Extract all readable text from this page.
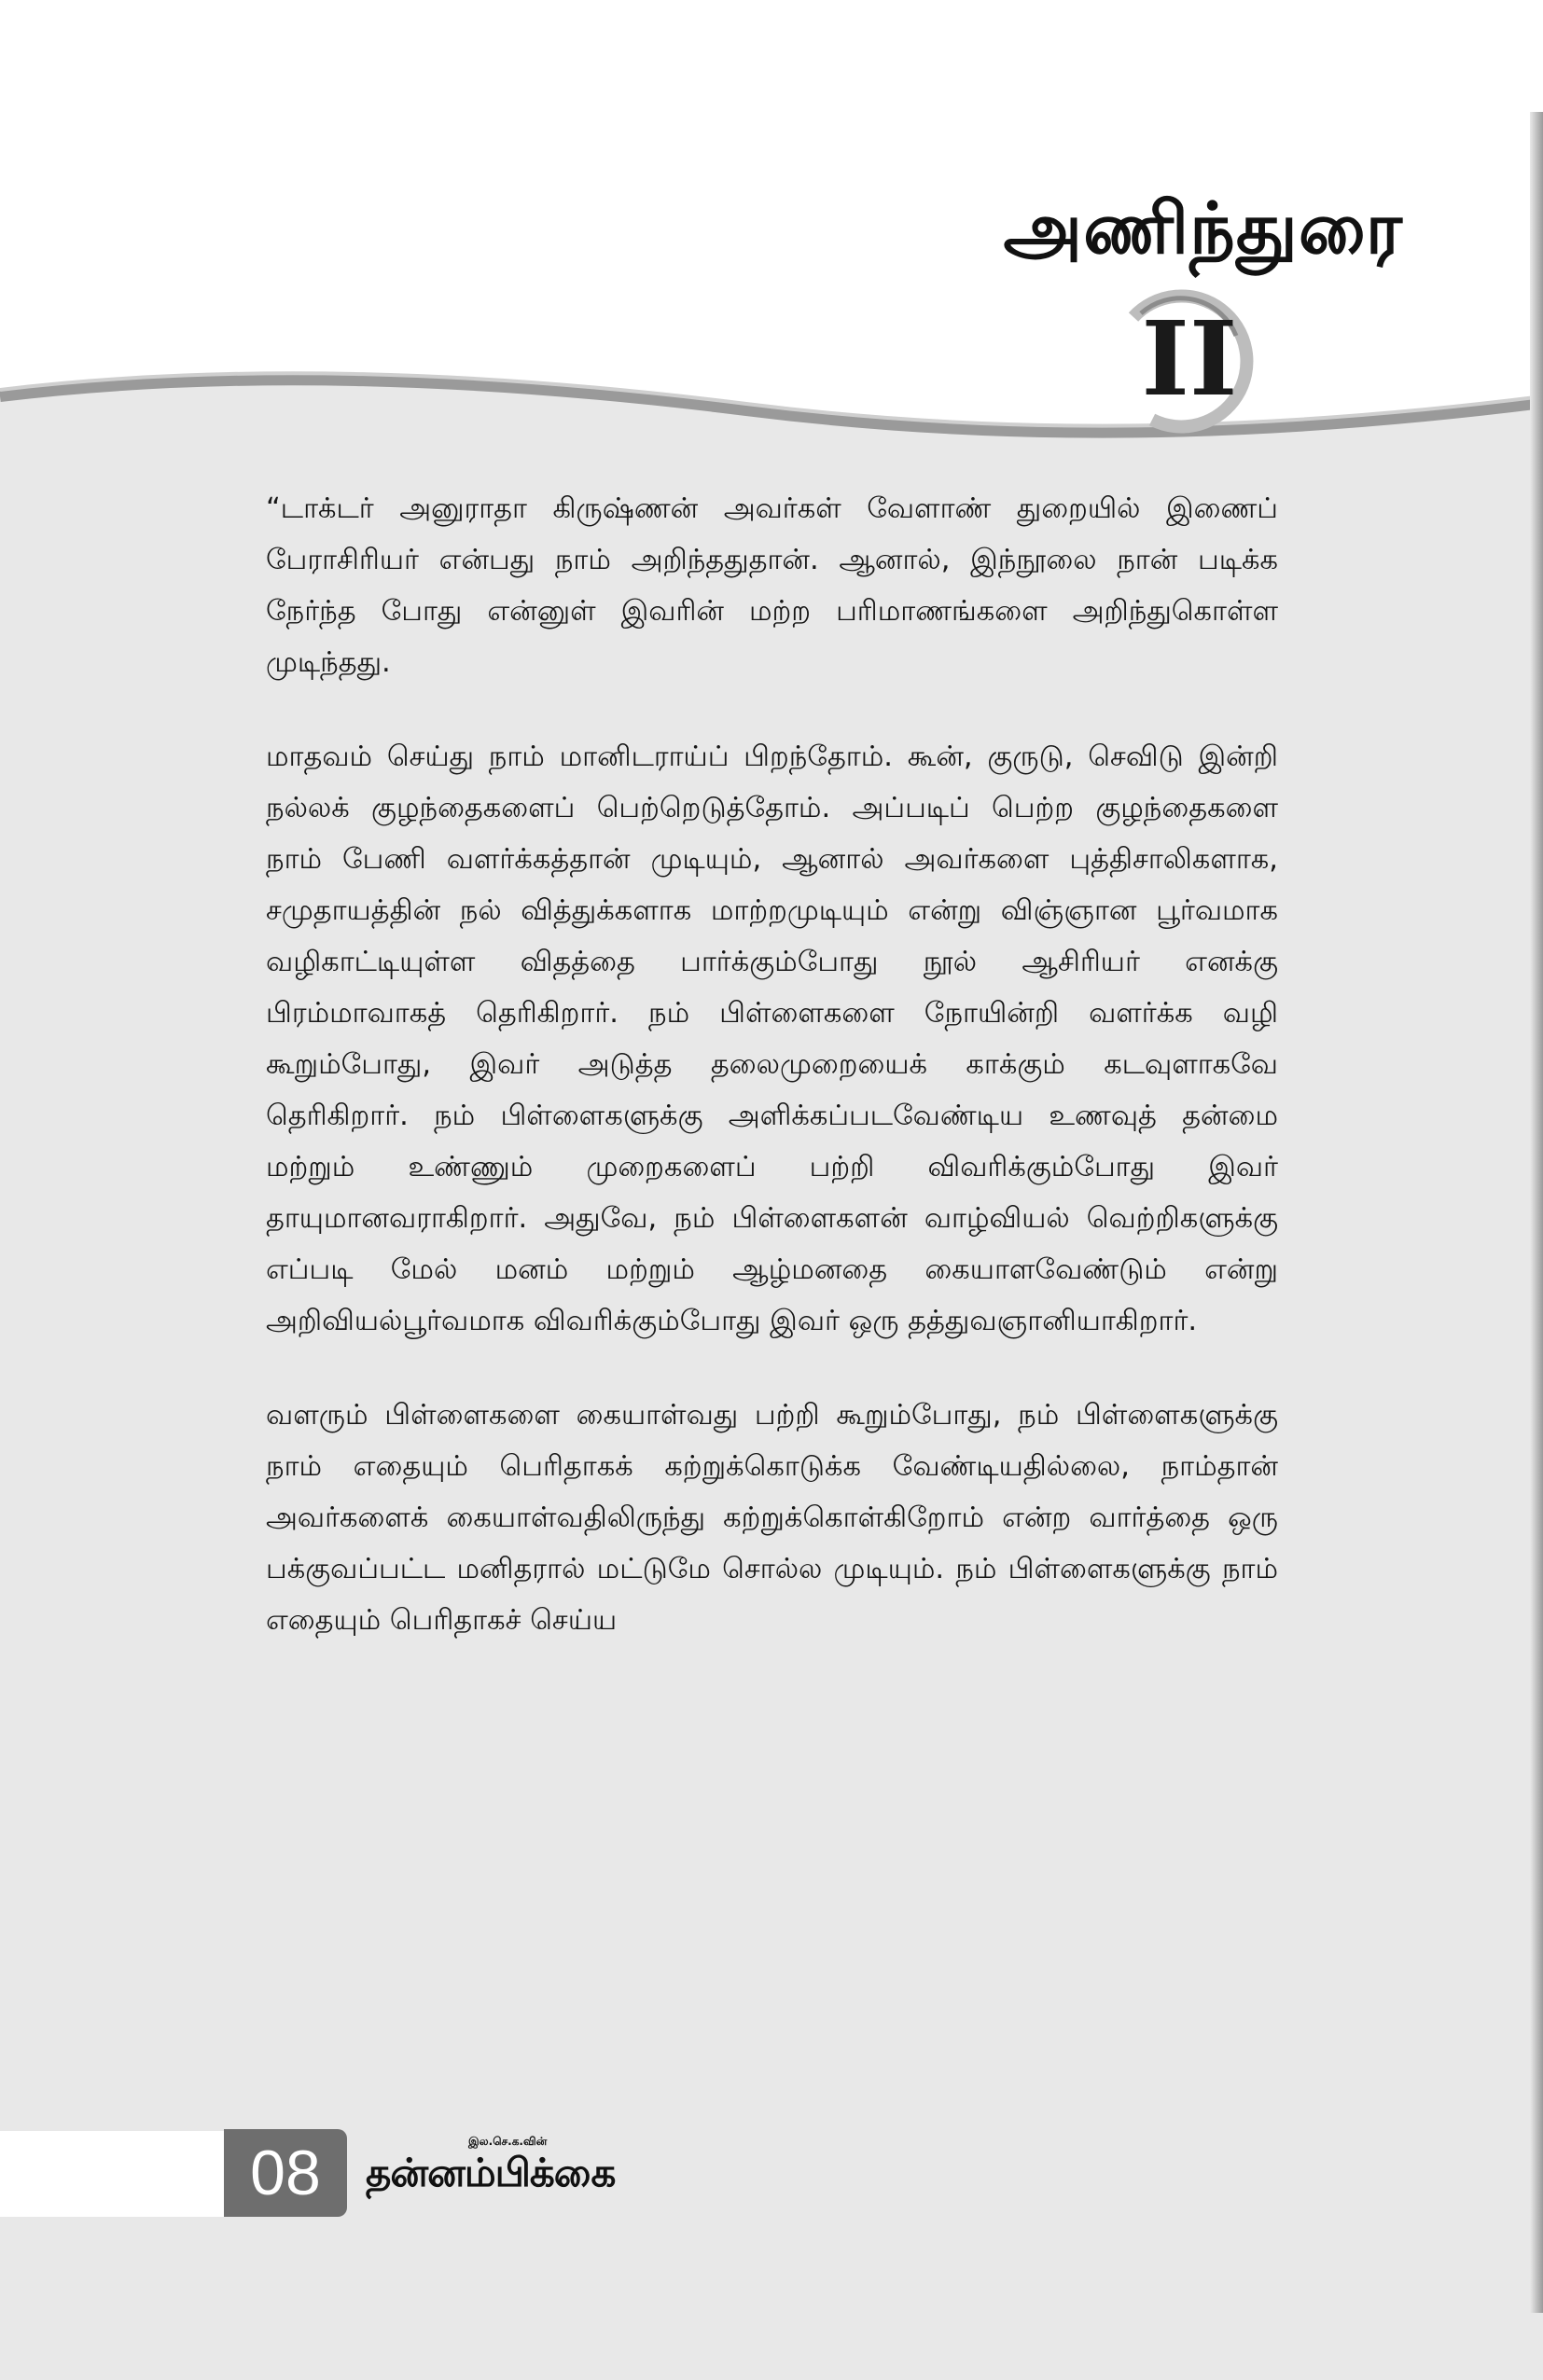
அணிந்துரை
II

“டாக்டர் அனுராதா கிருஷ்ணன் அவர்கள் வேளாண் துறையில் இணைப் பேராசிரியர் என்பது நாம் அறிந்ததுதான். ஆனால், இந்நூலை நான் படிக்க நேர்ந்த போது என்னுள் இவரின் மற்ற பரிமாணங்களை அறிந்துகொள்ள முடிந்தது.

மாதவம் செய்து நாம் மானிடராய்ப் பிறந்தோம். கூன், குருடு, செவிடு இன்றி நல்லக் குழந்தைகளைப் பெற்றெடுத்தோம். அப்படிப் பெற்ற குழந்தைகளை நாம் பேணி வளர்க்கத்தான் முடியும், ஆனால் அவர்களை புத்திசாலிகளாக, சமுதாயத்தின் நல் வித்துக்களாக மாற்றமுடியும் என்று விஞ்ஞான பூர்வமாக வழிகாட்டியுள்ள விதத்தை பார்க்கும்போது நூல் ஆசிரியர் எனக்கு பிரம்மாவாகத் தெரிகிறார். நம் பிள்ளைகளை நோயின்றி வளர்க்க வழி கூறும்போது, இவர் அடுத்த தலைமுறையைக் காக்கும் கடவுளாகவே தெரிகிறார். நம் பிள்ளைகளுக்கு அளிக்கப்படவேண்டிய உணவுத் தன்மை மற்றும் உண்ணும் முறைகளைப் பற்றி விவரிக்கும்போது இவர் தாயுமானவராகிறார். அதுவே, நம் பிள்ளைகளன் வாழ்வியல் வெற்றிகளுக்கு எப்படி மேல் மனம் மற்றும் ஆழ்மனதை கையாளவேண்டும் என்று அறிவியல்பூர்வமாக விவரிக்கும்போது இவர் ஒரு தத்துவஞானியாகிறார்.

வளரும் பிள்ளைகளை கையாள்வது பற்றி கூறும்போது, நம் பிள்ளைகளுக்கு நாம் எதையும் பெரிதாகக் கற்றுக்கொடுக்க வேண்டியதில்லை, நாம்தான் அவர்களைக் கையாள்வதிலிருந்து கற்றுக்கொள்கிறோம் என்ற வார்த்தை ஒரு பக்குவப்பட்ட மனிதரால் மட்டுமே சொல்ல முடியும். நம் பிள்ளைகளுக்கு நாம் எதையும் பெரிதாகச் செய்ய

08	இல.செ.க.வின்
தன்னம்பிக்கை
